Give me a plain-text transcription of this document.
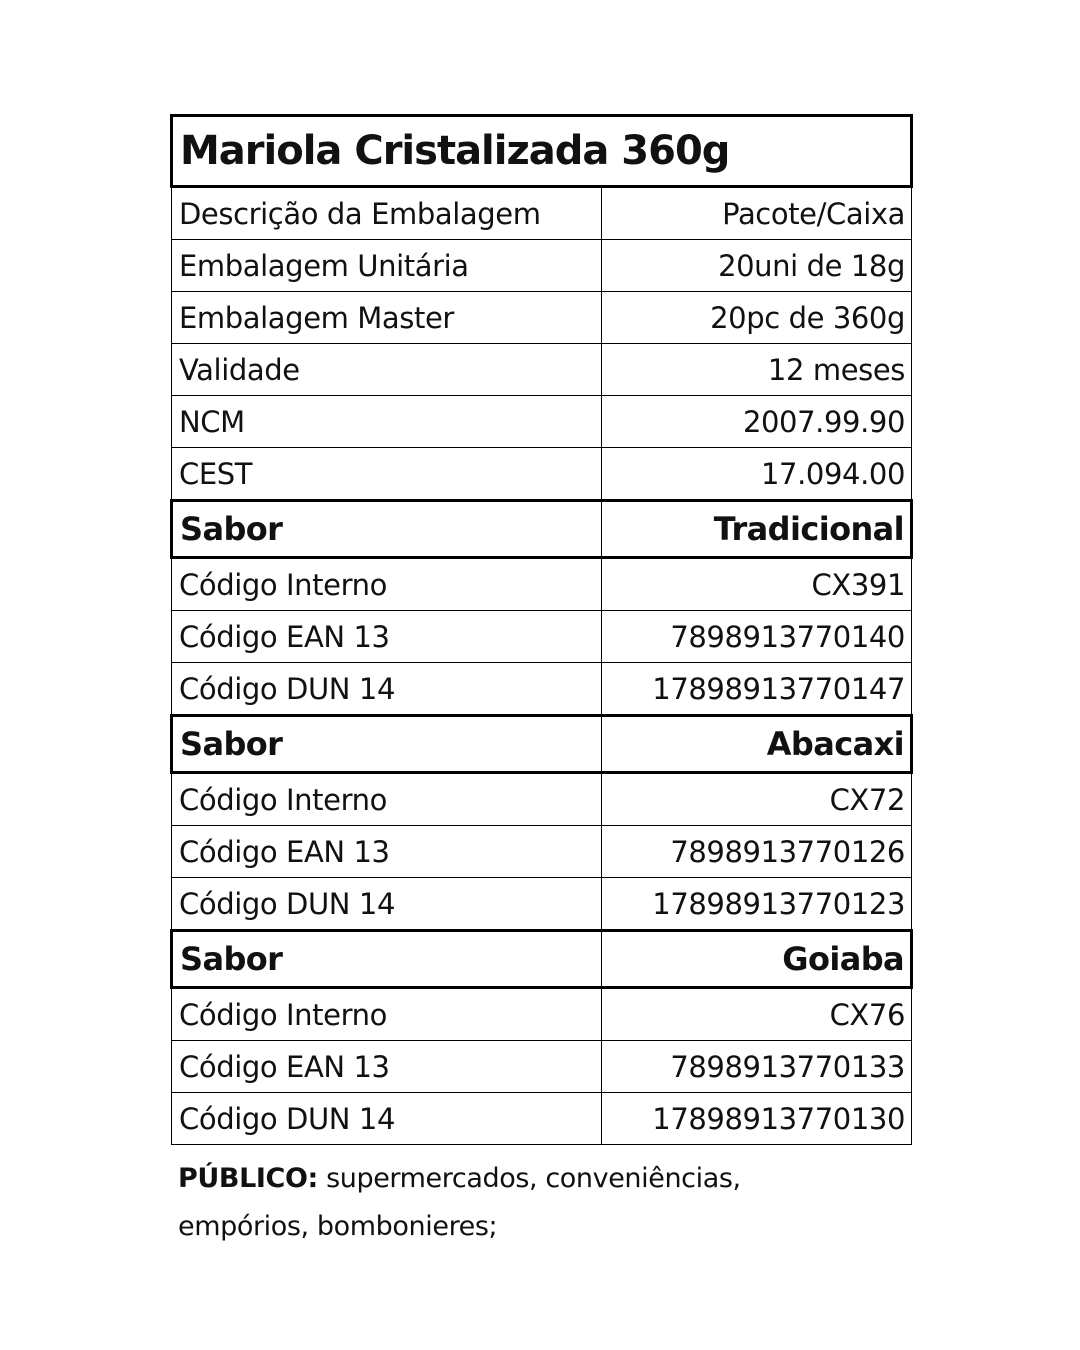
Mariola Cristalizada 360g	
Descrição da Embalagem	Pacote/Caixa
Embalagem Unitária	20uni de 18g
Embalagem Master	20pc de 360g
Validade	12 meses
NCM	2007.99.90
CEST	17.094.00
Sabor	Tradicional
Código Interno	CX391
Código EAN 13	7898913770140
Código DUN 14	17898913770147
Sabor	Abacaxi
Código Interno	CX72
Código EAN 13	7898913770126
Código DUN 14	17898913770123
Sabor	Goiaba
Código Interno	CX76
Código EAN 13	7898913770133
Código DUN 14	17898913770130

PÚBLICO: supermercados, conveniências, empórios, bombonieres;
